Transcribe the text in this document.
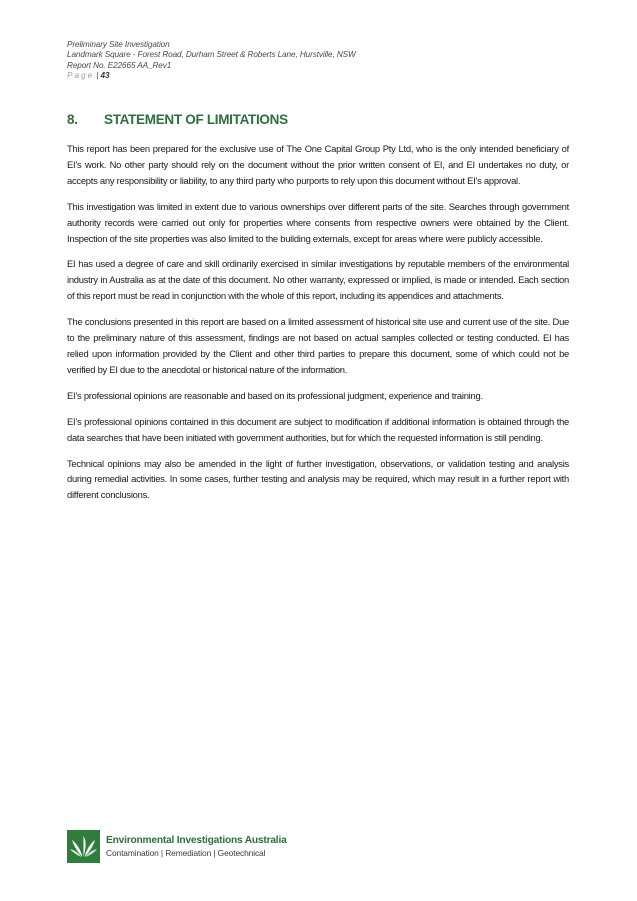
Preliminary Site Investigation
Landmark Square - Forest Road, Durham Street & Roberts Lane, Hurstville, NSW
Report No. E22665 AA_Rev1
Page | 43
8. STATEMENT OF LIMITATIONS

This report has been prepared for the exclusive use of The One Capital Group Pty Ltd, who is the only intended beneficiary of EI’s work. No other party should rely on the document without the prior written consent of EI, and EI undertakes no duty, or accepts any responsibility or liability, to any third party who purports to rely upon this document without EI’s approval.

This investigation was limited in extent due to various ownerships over different parts of the site. Searches through government authority records were carried out only for properties where consents from respective owners were obtained by the Client. Inspection of the site properties was also limited to the building externals, except for areas where were publicly accessible.

EI has used a degree of care and skill ordinarily exercised in similar investigations by reputable members of the environmental industry in Australia as at the date of this document. No other warranty, expressed or implied, is made or intended. Each section of this report must be read in conjunction with the whole of this report, including its appendices and attachments.

The conclusions presented in this report are based on a limited assessment of historical site use and current use of the site. Due to the preliminary nature of this assessment, findings are not based on actual samples collected or testing conducted. EI has relied upon information provided by the Client and other third parties to prepare this document, some of which could not be verified by EI due to the anecdotal or historical nature of the information.

EI’s professional opinions are reasonable and based on its professional judgment, experience and training.

EI’s professional opinions contained in this document are subject to modification if additional information is obtained through the data searches that have been initiated with government authorities, but for which the requested information is still pending.

Technical opinions may also be amended in the light of further investigation, observations, or validation testing and analysis during remedial activities. In some cases, further testing and analysis may be required, which may result in a further report with different conclusions.

Environmental Investigations Australia
Contamination | Remediation | Geotechnical
